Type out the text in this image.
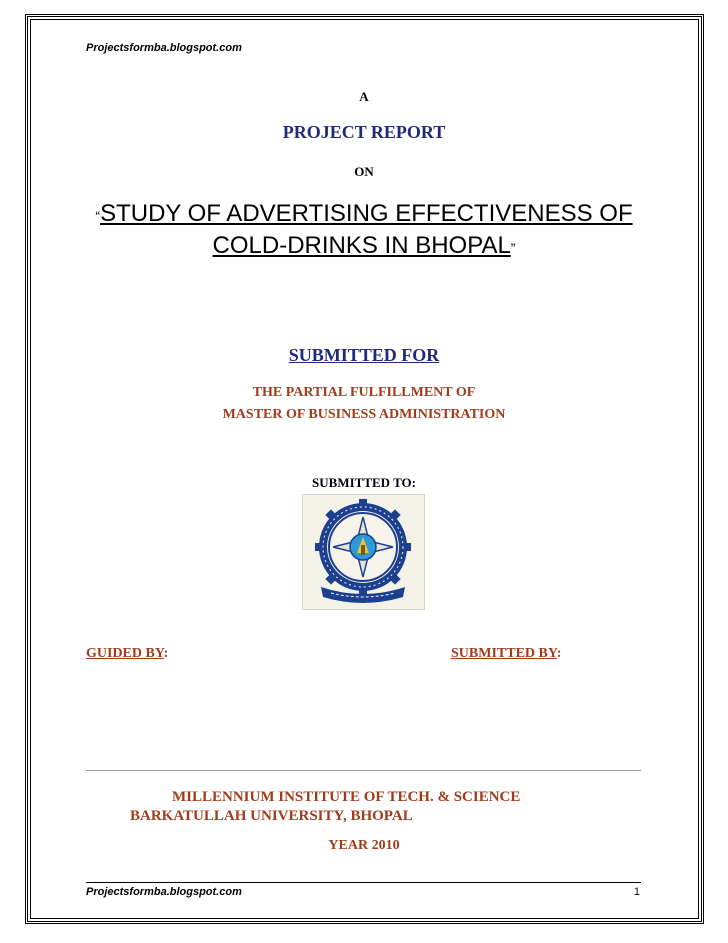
Projectsformba.blogspot.com
A
PROJECT REPORT
ON
“STUDY OF ADVERTISING EFFECTIVENESS OF
COLD-DRINKS IN BHOPAL”
SUBMITTED FOR
THE PARTIAL FULFILLMENT OF
MASTER OF BUSINESS ADMINISTRATION
SUBMITTED TO:
GUIDED BY:	SUBMITTED BY:
MILLENNIUM INSTITUTE OF TECH. & SCIENCE
BARKATULLAH UNIVERSITY, BHOPAL
YEAR 2010
Projectsformba.blogspot.com	1
